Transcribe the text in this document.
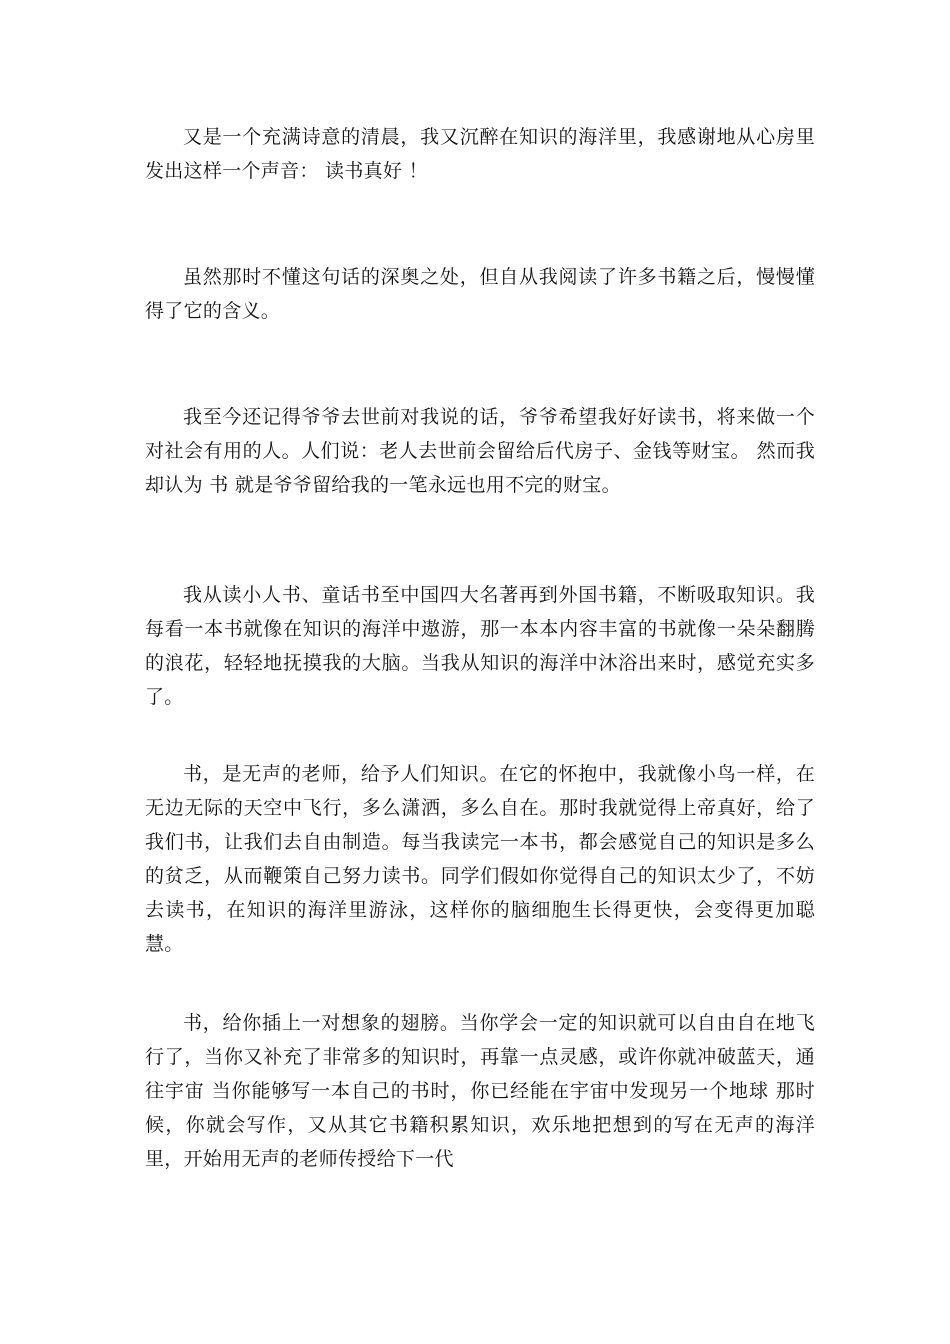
又是一个充满诗意的清晨，我又沉醉在知识的海洋里，我感谢地从心房里发出这样一个声音： 读书真好 ！

虽然那时不懂这句话的深奥之处，但自从我阅读了许多书籍之后，慢慢懂得了它的含义。

我至今还记得爷爷去世前对我说的话，爷爷希望我好好读书，将来做一个对社会有用的人。人们说：老人去世前会留给后代房子、金钱等财宝。 然而我却认为 书 就是爷爷留给我的一笔永远也用不完的财宝。

我从读小人书、童话书至中国四大名著再到外国书籍，不断吸取知识。我每看一本书就像在知识的海洋中遨游，那一本本内容丰富的书就像一朵朵翻腾的浪花，轻轻地抚摸我的大脑。当我从知识的海洋中沐浴出来时，感觉充实多了。

书，是无声的老师，给予人们知识。在它的怀抱中，我就像小鸟一样，在无边无际的天空中飞行，多么潇洒，多么自在。那时我就觉得上帝真好，给了我们书，让我们去自由制造。每当我读完一本书，都会感觉自己的知识是多么的贫乏，从而鞭策自己努力读书。同学们假如你觉得自己的知识太少了，不妨去读书，在知识的海洋里游泳，这样你的脑细胞生长得更快，会变得更加聪慧。

书，给你插上一对想象的翅膀。当你学会一定的知识就可以自由自在地飞行了，当你又补充了非常多的知识时，再靠一点灵感，或许你就冲破蓝天，通往宇宙 当你能够写一本自己的书时，你已经能在宇宙中发现另一个地球 那时候，你就会写作，又从其它书籍积累知识，欢乐地把想到的写在无声的海洋里，开始用无声的老师传授给下一代
